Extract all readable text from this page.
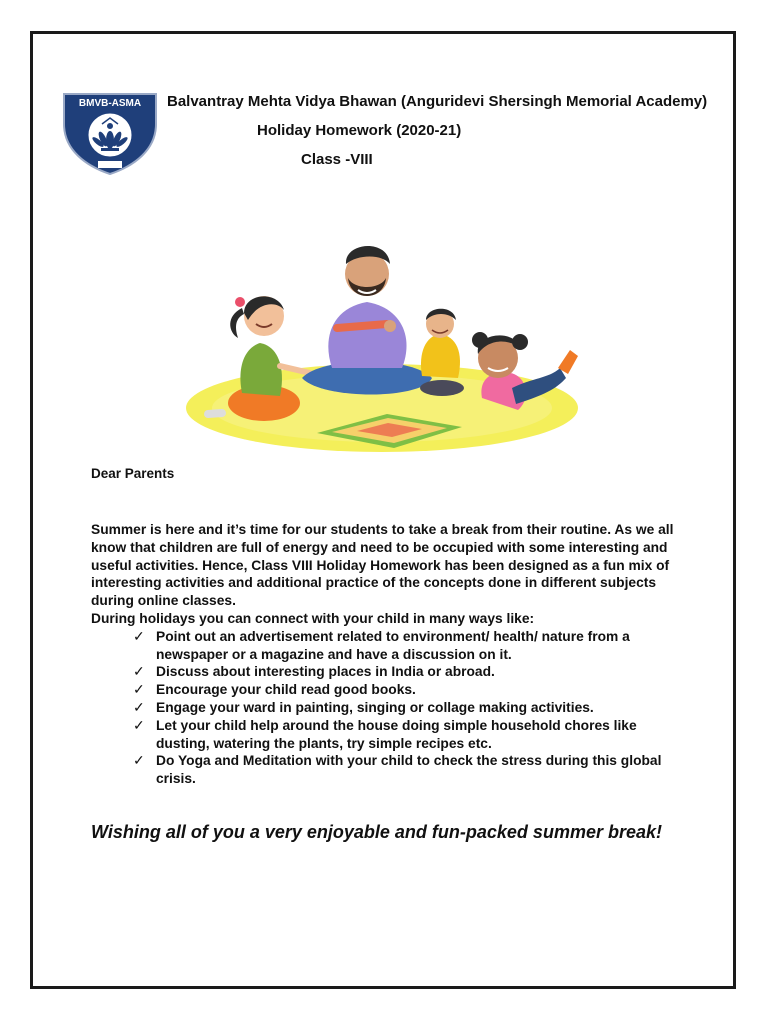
BMVB-ASMA Balvantray Mehta Vidya Bhawan (Anguridevi Shersingh Memorial Academy)
Holiday Homework (2020-21)
Class -VIII
Dear Parents

Summer is here and it’s time for our students to take a break from their routine. As we all know that children are full of energy and need to be occupied with some interesting and useful activities. Hence, Class VIII Holiday Homework has been designed as a fun mix of interesting activities and additional practice of the concepts done in different subjects during online classes.

During holidays you can connect with your child in many ways like:

✓ Point out an advertisement related to environment/ health/ nature from a newspaper or a magazine and have a discussion on it.
✓ Discuss about interesting places in India or abroad.
✓ Encourage your child read good books.
✓ Engage your ward in painting, singing or collage making activities.
✓ Let your child help around the house doing simple household chores like dusting, watering the plants, try simple recipes etc.
✓ Do Yoga and Meditation with your child to check the stress during this global crisis.
Wishing all of you a very enjoyable and fun-packed summer break!
